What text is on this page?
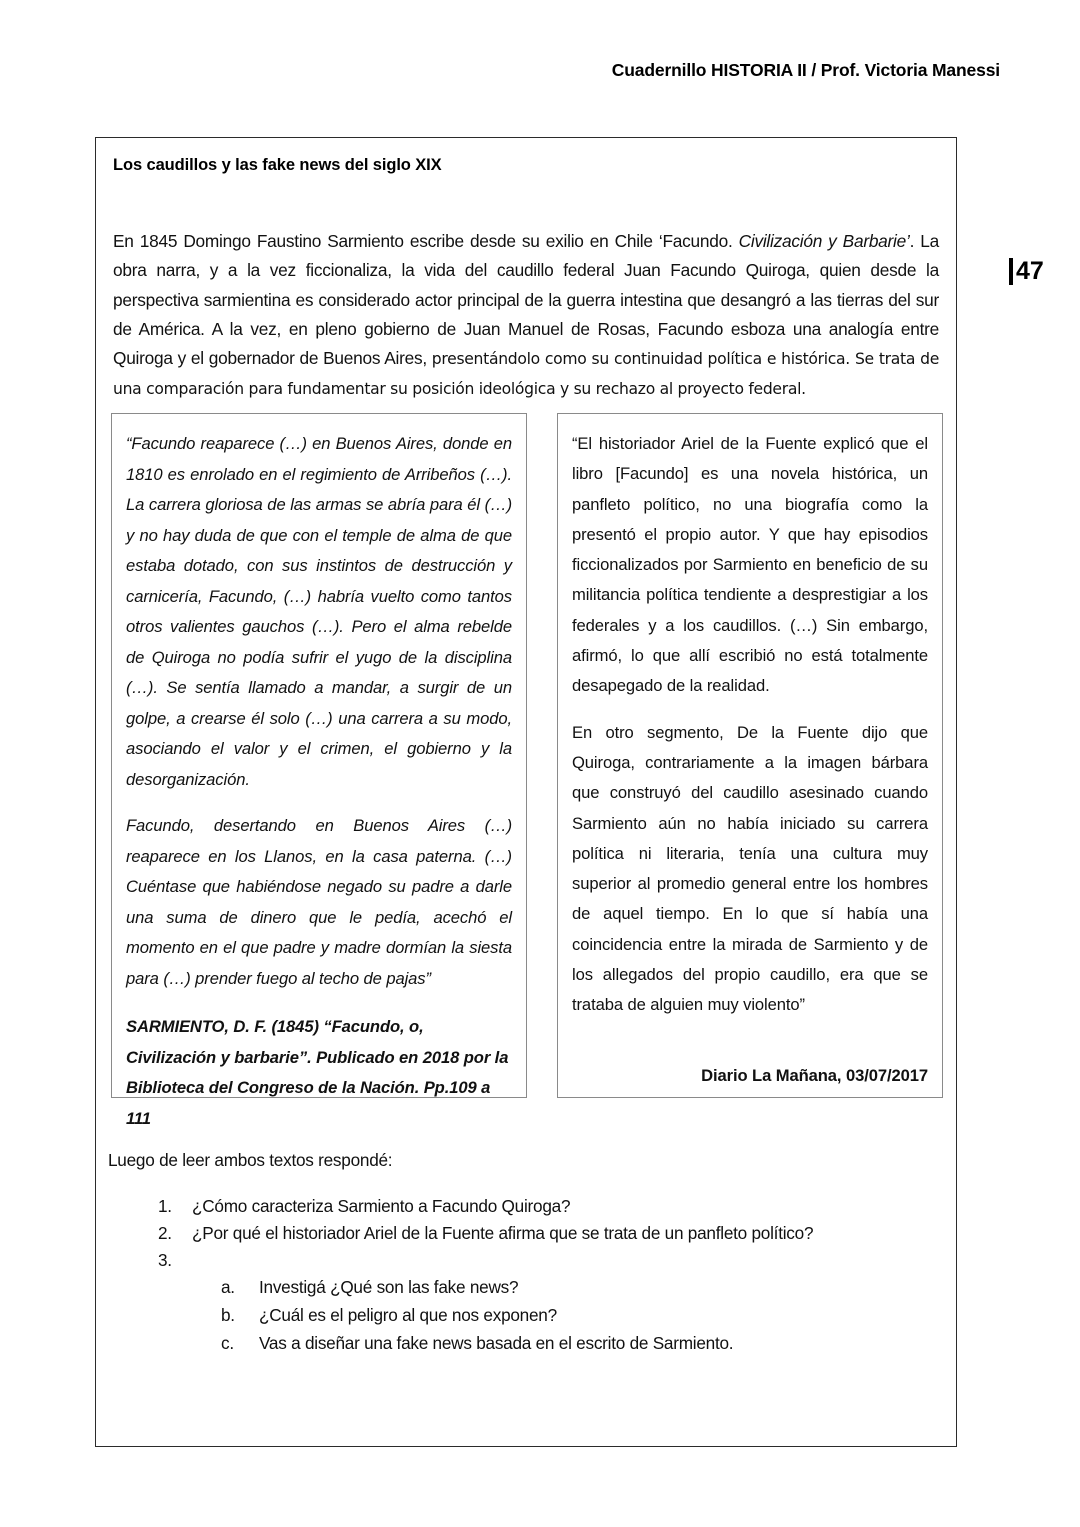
Cuadernillo HISTORIA II / Prof. Victoria Manessi
47
Los caudillos y las fake news del siglo XIX
En 1845 Domingo Faustino Sarmiento escribe desde su exilio en Chile ‘Facundo. Civilización y Barbarie’. La obra narra, y a la vez ficcionaliza, la vida del caudillo federal Juan Facundo Quiroga, quien desde la perspectiva sarmientina es considerado actor principal de la guerra intestina que desangró a las tierras del sur de América. A la vez, en pleno gobierno de Juan Manuel de Rosas, Facundo esboza una analogía entre Quiroga y el gobernador de Buenos Aires, presentándolo como su continuidad política e histórica. Se trata de una comparación para fundamentar su posición ideológica y su rechazo al proyecto federal.

“Facundo reaparece (…) en Buenos Aires, donde en 1810 es enrolado en el regimiento de Arribeños (…). La carrera gloriosa de las armas se abría para él (…) y no hay duda de que con el temple de alma de que estaba dotado, con sus instintos de destrucción y carnicería, Facundo, (…) habría vuelto como tantos otros valientes gauchos (…). Pero el alma rebelde de Quiroga no podía sufrir el yugo de la disciplina (…). Se sentía llamado a mandar, a surgir de un golpe, a crearse él solo (…) una carrera a su modo, asociando el valor y el crimen, el gobierno y la desorganización.

Facundo, desertando en Buenos Aires (…) reaparece en los Llanos, en la casa paterna. (…) Cuéntase que habiéndose negado su padre a darle una suma de dinero que le pedía, acechó el momento en el que padre y madre dormían la siesta para (…) prender fuego al techo de pajas”

SARMIENTO, D. F. (1845) “Facundo, o, Civilización y barbarie”. Publicado en 2018 por la Biblioteca del Congreso de la Nación. Pp.109 a 111

“El historiador Ariel de la Fuente explicó que el libro [Facundo] es una novela histórica, un panfleto político, no una biografía como la presentó el propio autor. Y que hay episodios ficcionalizados por Sarmiento en beneficio de su militancia política tendiente a desprestigiar a los federales y a los caudillos. (…) Sin embargo, afirmó, lo que allí escribió no está totalmente desapegado de la realidad.

En otro segmento, De la Fuente dijo que Quiroga, contrariamente a la imagen bárbara que construyó del caudillo asesinado cuando Sarmiento aún no había iniciado su carrera política ni literaria, tenía una cultura muy superior al promedio general entre los hombres de aquel tiempo. En lo que sí había una coincidencia entre la mirada de Sarmiento y de los allegados del propio caudillo, era que se trataba de alguien muy violento”

Diario La Mañana, 03/07/2017

Luego de leer ambos textos respondé:
1.	¿Cómo caracteriza Sarmiento a Facundo Quiroga?
2.	¿Por qué el historiador Ariel de la Fuente afirma que se trata de un panfleto político?
3.
a.	Investigá ¿Qué son las fake news?
b.	¿Cuál es el peligro al que nos exponen?
c.	Vas a diseñar una fake news basada en el escrito de Sarmiento.
